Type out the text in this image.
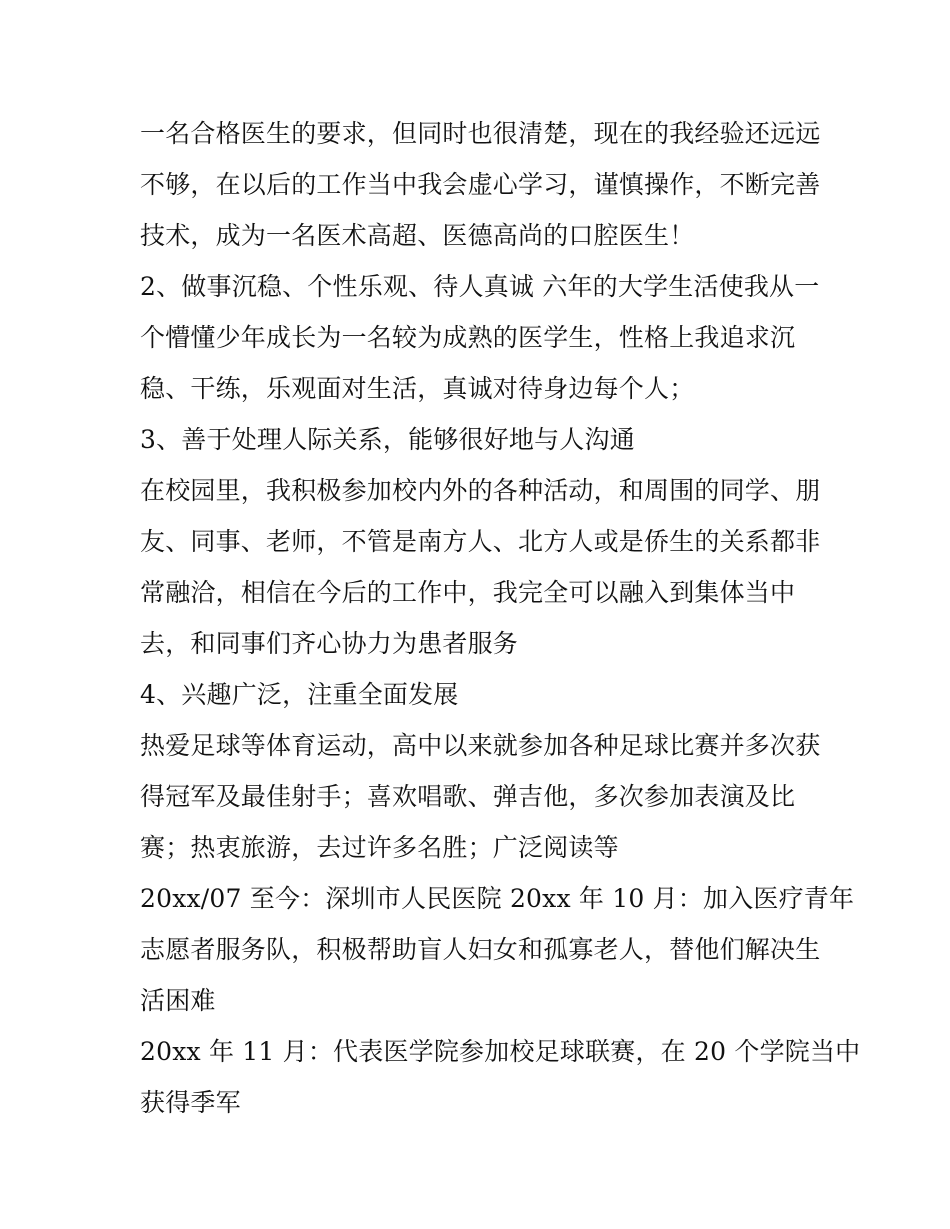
一名合格医生的要求，但同时也很清楚，现在的我经验还远远
不够，在以后的工作当中我会虚心学习，谨慎操作，不断完善
技术，成为一名医术高超、医德高尚的口腔医生！
2、做事沉稳、个性乐观、待人真诚 六年的大学生活使我从一
个懵懂少年成长为一名较为成熟的医学生，性格上我追求沉
稳、干练，乐观面对生活，真诚对待身边每个人；
3、善于处理人际关系，能够很好地与人沟通
在校园里，我积极参加校内外的各种活动，和周围的同学、朋
友、同事、老师，不管是南方人、北方人或是侨生的关系都非
常融洽，相信在今后的工作中，我完全可以融入到集体当中
去，和同事们齐心协力为患者服务
4、兴趣广泛，注重全面发展
热爱足球等体育运动，高中以来就参加各种足球比赛并多次获
得冠军及最佳射手；喜欢唱歌、弹吉他，多次参加表演及比
赛；热衷旅游，去过许多名胜；广泛阅读等
20xx/07 至今：深圳市人民医院 20xx 年 10 月：加入医疗青年
志愿者服务队，积极帮助盲人妇女和孤寡老人，替他们解决生
活困难
20xx 年 11 月：代表医学院参加校足球联赛，在 20 个学院当中
获得季军
